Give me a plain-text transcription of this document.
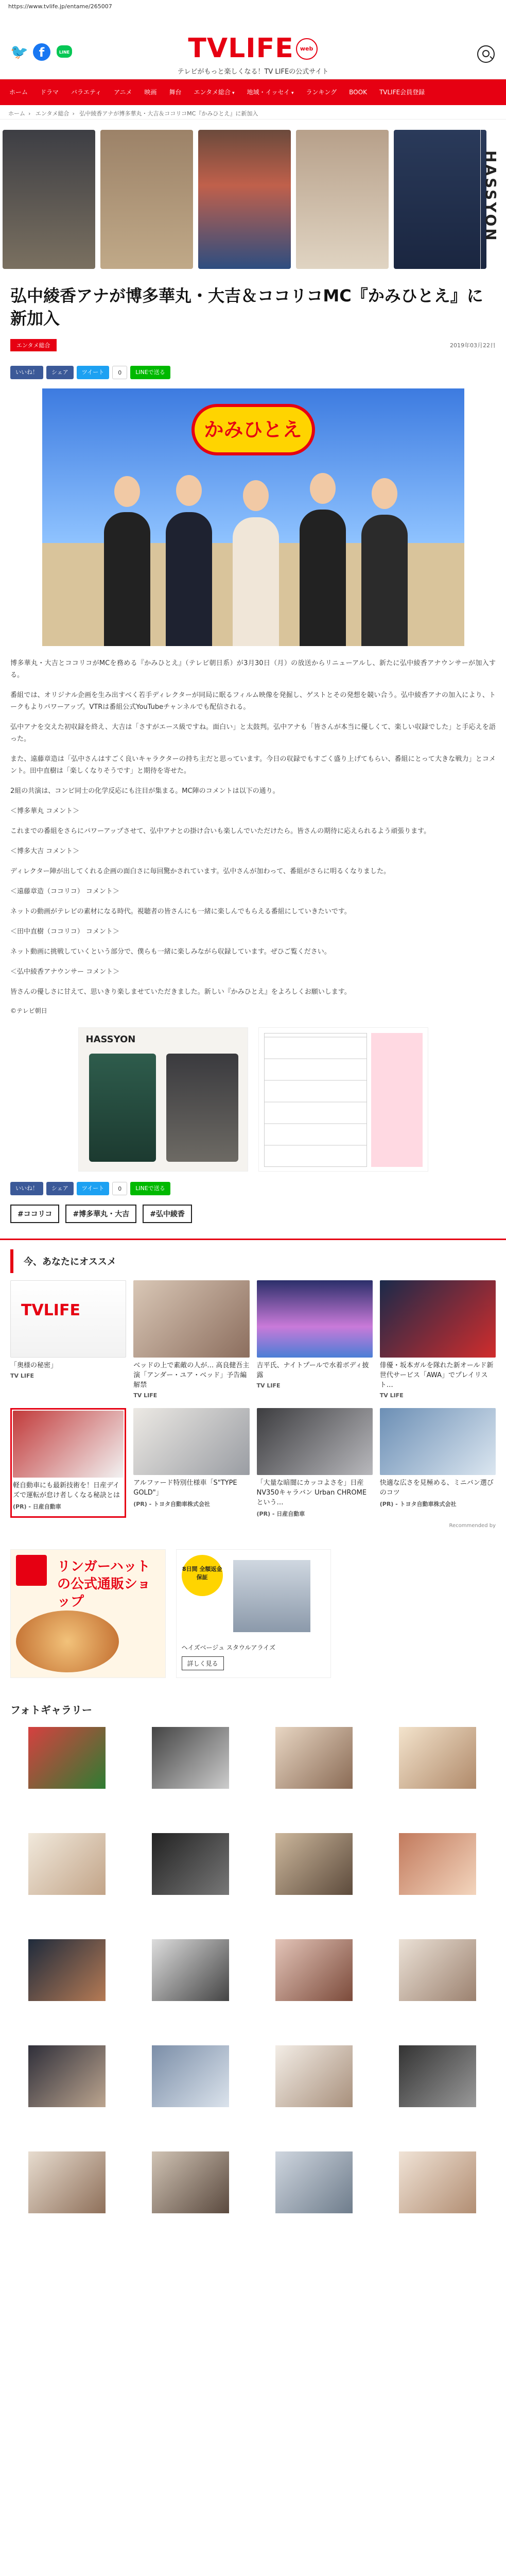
https://www.tvlife.jp/entame/265007
🐦 f	LINE	TVLIFE web
テレビがもっと楽しくなる！TV LIFEの公式サイト
ホーム	ドラマ	バラエティ	アニメ	映画	舞台	エンタメ総合 ▾	地域・イッセイ ▾	ランキング	BOOK	TVLIFE会員登録
ホーム › エンタメ総合 › 弘中綾香アナが博多華丸・大吉＆ココリコMC『かみひとえ』に新加入
HASSYON
弘中綾香アナが博多華丸・大吉＆ココリコMC『かみひとえ』に新加入
エンタメ総合	2019年03月22日
いいね！	シェア	ツイート	0	LINEで送る
かみひとえ

博多華丸・大吉とココリコがMCを務める『かみひとえ』（テレビ朝日系）が3月30日（月）の放送からリニューアルし、新たに弘中綾香アナウンサーが加入する。

番組では、オリジナル企画を生み出すべく若手ディレクターが同局に眠るフィルム映像を発掘し、ゲストとその発想を競い合う。弘中綾香アナの加入により、トークもよりパワーアップ。VTRは番組公式YouTubeチャンネルでも配信される。

弘中アナを交えた初収録を終え、大吉は「さすがエース級ですね。面白い」と太鼓判。弘中アナも「皆さんが本当に優しくて、楽しい収録でした」と手応えを語った。

また、遠藤章造は「弘中さんはすごく良いキャラクターの持ち主だと思っています。今日の収録でもすごく盛り上げてもらい、番組にとって大きな戦力」とコメント。田中直樹は「楽しくなりそうです」と期待を寄せた。

2組の共演は、コンビ同士の化学反応にも注目が集まる。MC陣のコメントは以下の通り。

＜博多華丸 コメント＞

これまでの番組をさらにパワーアップさせて、弘中アナとの掛け合いも楽しんでいただけたら。皆さんの期待に応えられるよう頑張ります。

＜博多大吉 コメント＞

ディレクター陣が出してくれる企画の面白さに毎回驚かされています。弘中さんが加わって、番組がさらに明るくなりました。

＜遠藤章造（ココリコ） コメント＞

ネットの動画がテレビの素材になる時代。視聴者の皆さんにも一緒に楽しんでもらえる番組にしていきたいです。

＜田中直樹（ココリコ） コメント＞

ネット動画に挑戦していくという部分で、僕らも一緒に楽しみながら収録しています。ぜひご覧ください。

＜弘中綾香アナウンサー コメント＞

皆さんの優しさに甘えて、思いきり楽しませていただきました。新しい『かみひとえ』をよろしくお願いします。

©テレビ朝日
HASSYON
いいね！	シェア	ツイート	0	LINEで送る
#ココリコ	#博多華丸・大吉	#弘中綾香
今、あなたにオススメ
TVLIFE
「奥様の秘密」
TV LIFE
ベッドの上で素敵の人が… 高良健吾主演「アンダー・ユア・ベッド」予告編解禁
TV LIFE
吉平氏、ナイトプールで水着ボディ披露
TV LIFE
俳優・坂本ガルを隊れた新オールド新世代サービス「AWA」でプレイリスト…
TV LIFE
軽自動車にも最新技術を！日産デイズで運転が怠け者しくなる秘訣とは
(PR) - 日産自動車
アルファード特別仕様車「S"TYPE GOLD"」
(PR) - トヨタ自動車株式会社
「大量な暗闇にカッコよさを」日産NV350キャラバン Urban CHROMEという…
(PR) - 日産自動車
快適な広さを見極める、ミニバン選びのコツ
(PR) - トヨタ自動車株式会社
Recommended by
リンガーハットの公式通販ショップ
8日間 全額返金保証
ヘイズベージュ スタウルアライズ
詳しく見る
フォトギャラリー
